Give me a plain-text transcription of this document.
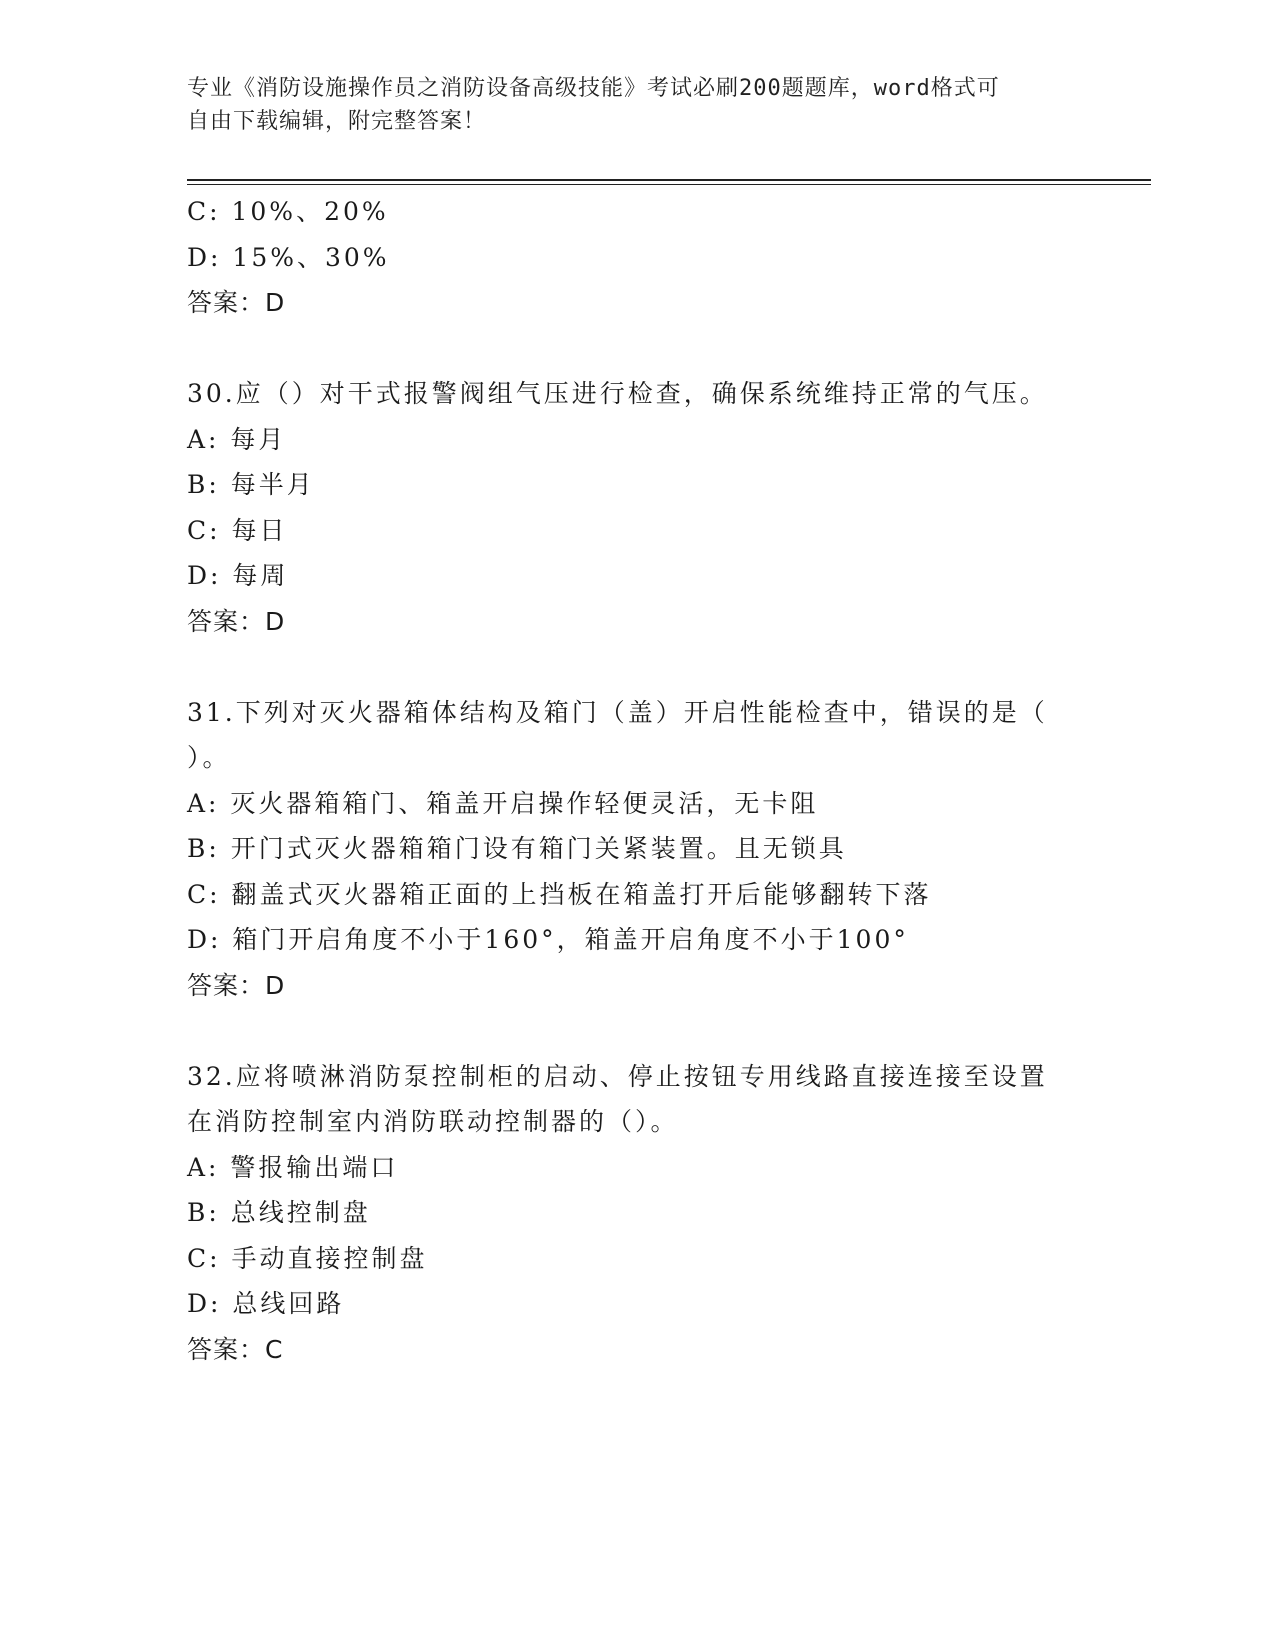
专业《消防设施操作员之消防设备高级技能》考试必刷200题题库，word格式可
自由下载编辑，附完整答案！
C: 10%、20%
D: 15%、30%
答案：D
30.应（）对干式报警阀组气压进行检查，确保系统维持正常的气压。
A: 每月
B: 每半月
C: 每日
D: 每周
答案：D
31.下列对灭火器箱体结构及箱门（盖）开启性能检查中，错误的是（
）。
A: 灭火器箱箱门、箱盖开启操作轻便灵活，无卡阻
B: 开门式灭火器箱箱门设有箱门关紧装置。且无锁具
C: 翻盖式灭火器箱正面的上挡板在箱盖打开后能够翻转下落
D: 箱门开启角度不小于160°，箱盖开启角度不小于100°
答案：D
32.应将喷淋消防泵控制柜的启动、停止按钮专用线路直接连接至设置
在消防控制室内消防联动控制器的（）。
A: 警报输出端口
B: 总线控制盘
C: 手动直接控制盘
D: 总线回路
答案：C
